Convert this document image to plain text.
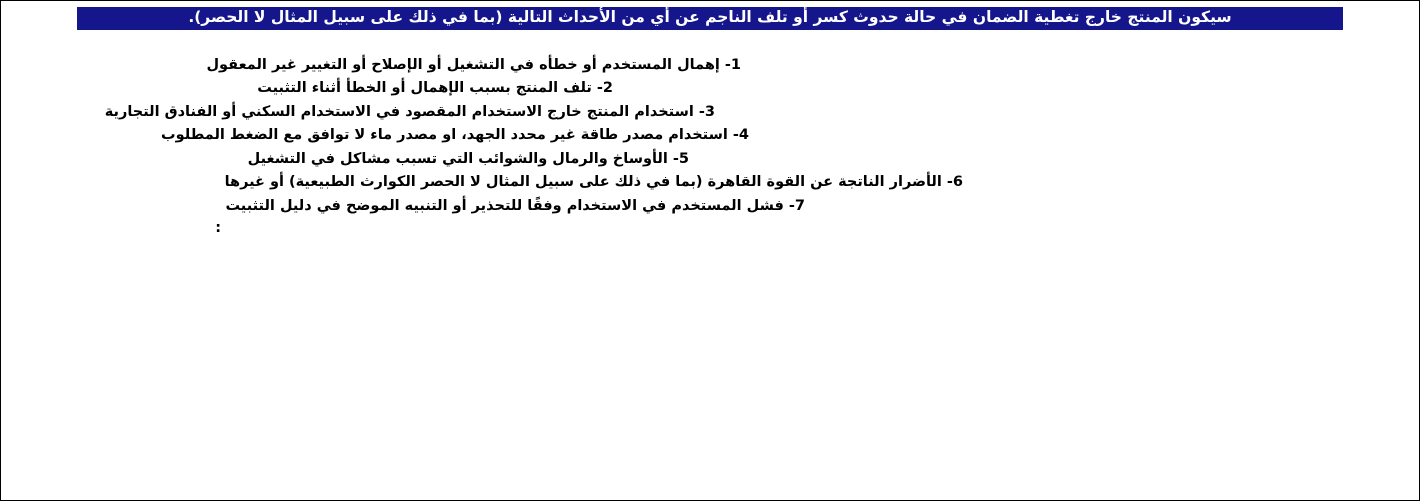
سيكون المنتج خارج تغطية الضمان في حالة حدوث كسر أو تلف الناجم عن أي من الأحداث التالية (بما في ذلك على سبيل المثال لا الحصر).
1- إهمال المستخدم أو خطأه في التشغيل أو الإصلاح أو التغيير غير المعقول
2- تلف المنتج بسبب الإهمال أو الخطأ أثناء التثبيت
3- استخدام المنتج خارج الاستخدام المقصود في الاستخدام السكني أو الفنادق التجارية
4- استخدام مصدر طاقة غير محدد الجهد، او مصدر ماء لا توافق مع الضغط المطلوب
5- الأوساخ والرمال والشوائب التي تسبب مشاكل في التشغيل
6- الأضرار الناتجة عن القوة القاهرة (بما في ذلك على سبيل المثال لا الحصر الكوارث الطبيعية) أو غيرها
7- فشل المستخدم في الاستخدام وفقًا للتحذير أو التنبيه الموضح في دليل التثبيت
:
